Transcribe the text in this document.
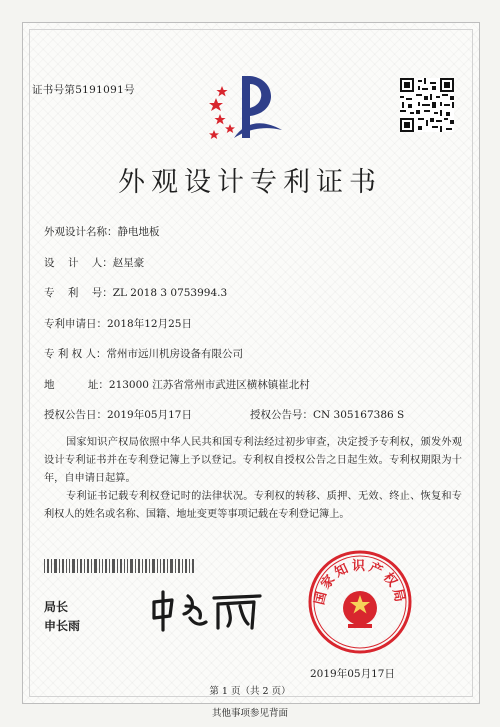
证书号第5191091号
外观设计专利证书
外观设计名称：静电地板
设    计    人：赵星豪
专    利    号：ZL 2018 3 0753994.3
专利申请日：2018年12月25日
专 利 权 人：常州市远川机房设备有限公司
地          址：213000 江苏省常州市武进区横林镇崔北村
授权公告日：2019年05月17日	授权公告号：CN 305167386 S
国家知识产权局依照中华人民共和国专利法经过初步审查，决定授予专利权，颁发外观设计专利证书并在专利登记簿上予以登记。专利权自授权公告之日起生效。专利权期限为十年，自申请日起算。
专利证书记载专利权登记时的法律状况。专利权的转移、质押、无效、终止、恢复和专利权人的姓名或名称、国籍、地址变更等事项记载在专利登记簿上。
局长
申长雨
国家知识产权局
2019年05月17日
第 1 页（共 2 页）
其他事项参见背面
